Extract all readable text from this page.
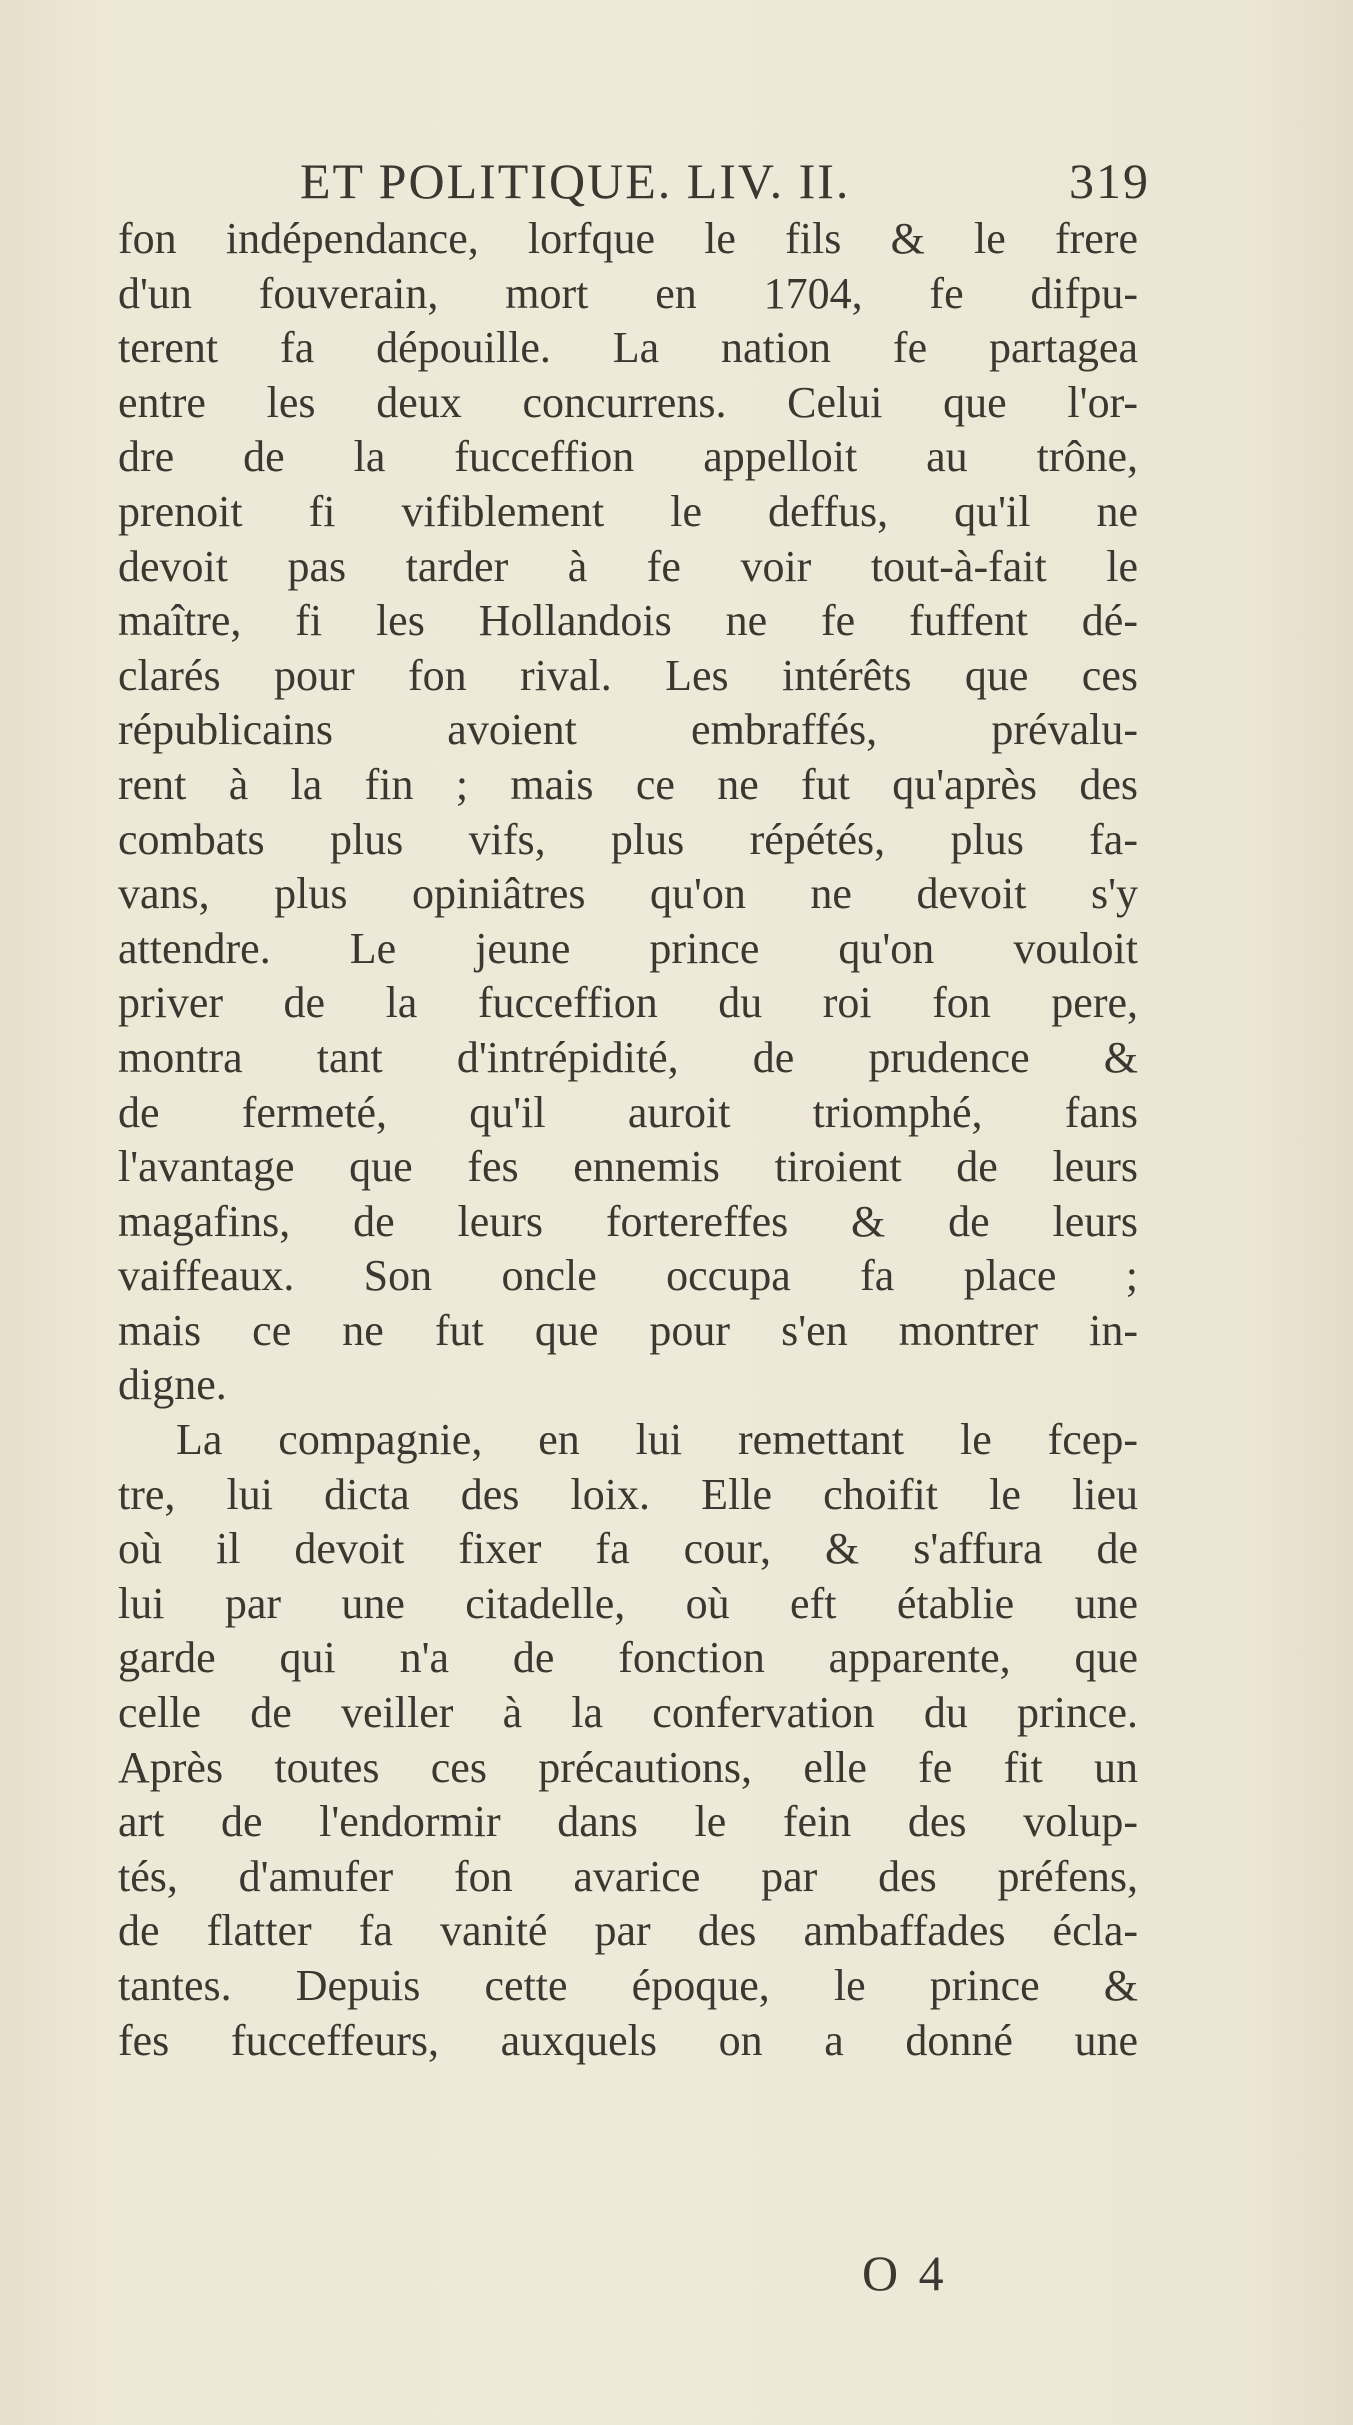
ET POLITIQUE. LIV. II.	319
fon indépendance, lorfque le fils & le frere
d'un fouverain, mort en 1704, fe difpu-
terent fa dépouille. La nation fe partagea
entre les deux concurrens. Celui que l'or-
dre de la fucceffion appelloit au trône,
prenoit fi vifiblement le deffus, qu'il ne
devoit pas tarder à fe voir tout-à-fait le
maître, fi les Hollandois ne fe fuffent dé-
clarés pour fon rival. Les intérêts que ces
républicains avoient embraffés, prévalu-
rent à la fin ; mais ce ne fut qu'après des
combats plus vifs, plus répétés, plus fa-
vans, plus opiniâtres qu'on ne devoit s'y
attendre. Le jeune prince qu'on vouloit
priver de la fucceffion du roi fon pere,
montra tant d'intrépidité, de prudence &
de fermeté, qu'il auroit triomphé, fans
l'avantage que fes ennemis tiroient de leurs
magafins, de leurs fortereffes & de leurs
vaiffeaux. Son oncle occupa fa place ;
mais ce ne fut que pour s'en montrer in-
digne.
La compagnie, en lui remettant le fcep-
tre, lui dicta des loix. Elle choifit le lieu
où il devoit fixer fa cour, & s'affura de
lui par une citadelle, où eft établie une
garde qui n'a de fonction apparente, que
celle de veiller à la confervation du prince.
Après toutes ces précautions, elle fe fit un
art de l'endormir dans le fein des volup-
tés, d'amufer fon avarice par des préfens,
de flatter fa vanité par des ambaffades écla-
tantes. Depuis cette époque, le prince &
fes fucceffeurs, auxquels on a donné une
O 4
